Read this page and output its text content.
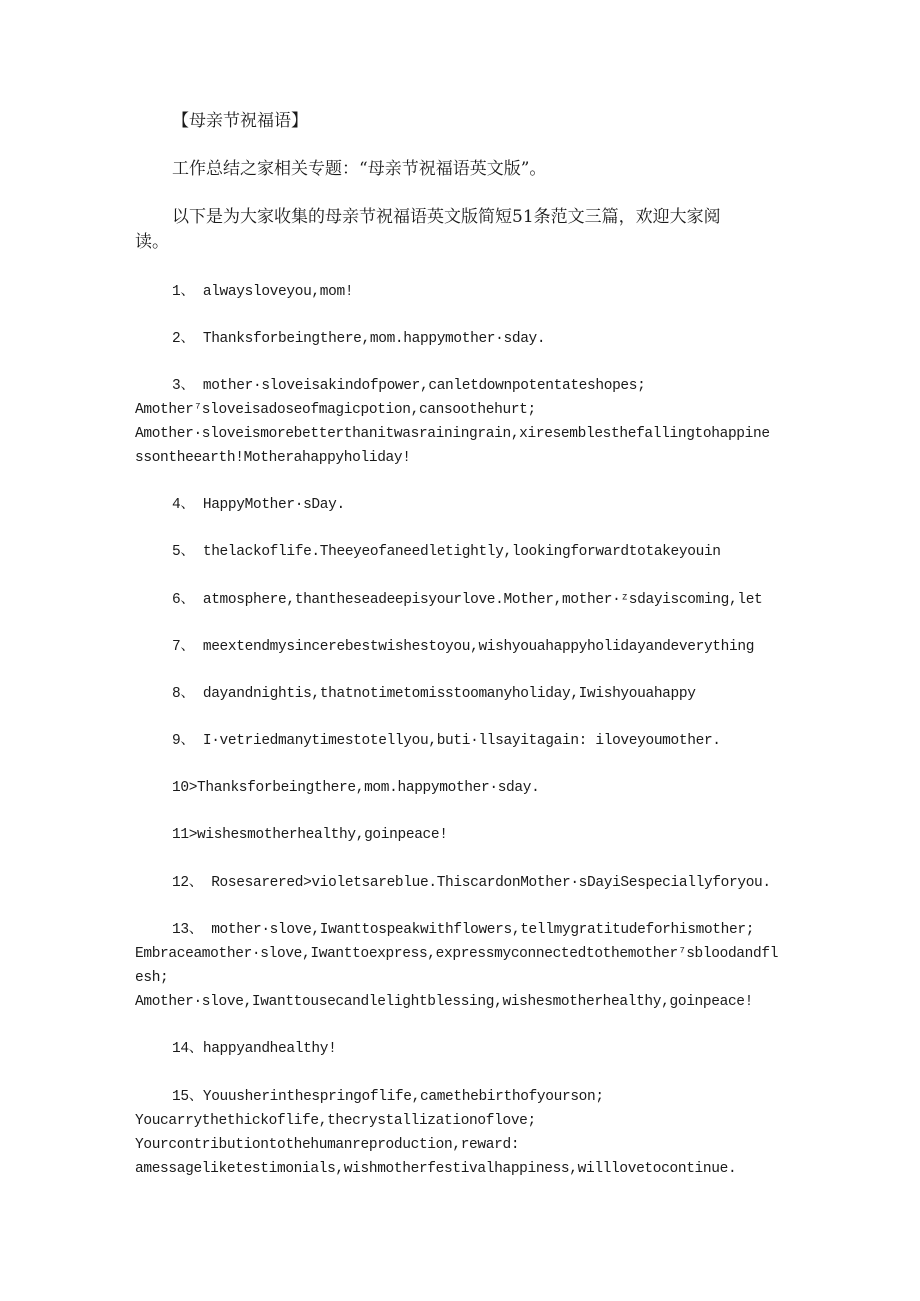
【母亲节祝福语】
工作总结之家相关专题：“母亲节祝福语英文版”。
以下是为大家收集的母亲节祝福语英文版简短51条范文三篇，欢迎大家阅
读。
1、 alwaysloveyou,mom!
2、 Thanksforbeingthere,mom.happymother·sday.
3、 mother·sloveisakindofpower,canletdownpotentateshopes;
Amother⁷sloveisadoseofmagicpotion,cansoothehurt;
Amother·sloveismorebetterthanitwasrainingrain,xiresemblesthefallingtohappine
ssontheearth!Motherahappyholiday!
4、 HappyMother·sDay.
5、 thelackoflife.Theeyeofaneedletightly,lookingforwardtotakeyouin
6、 atmosphere,thantheseadeepisyourlove.Mother,mother·ᶻsdayiscoming,let
7、 meextendmysincerebestwishestoyou,wishyouahappyholidayandeverything
8、 dayandnightis,thatnotimetomisstoomanyholiday,Iwishyouahappy
9、 I·vetriedmanytimestotellyou,buti·llsayitagain: iloveyoumother.
10>Thanksforbeingthere,mom.happymother·sday.
11>wishesmotherhealthy,goinpeace!
12、 Rosesarered>violetsareblue.ThiscardonMother·sDayiSespeciallyforyou.
13、 mother·slove,Iwanttospeakwithflowers,tellmygratitudeforhismother;
Embraceamother·slove,Iwanttoexpress,expressmyconnectedtothemother⁷sbloodandfl
esh;
Amother·slove,Iwanttousecandlelightblessing,wishesmotherhealthy,goinpeace!
14、happyandhealthy!
15、Youusherinthespringoflife,camethebirthofyourson;
Youcarrythethickoflife,thecrystallizationoflove;
Yourcontributiontothehumanreproduction,reward:
amessageliketestimonials,wishmotherfestivalhappiness,willlovetocontinue.
